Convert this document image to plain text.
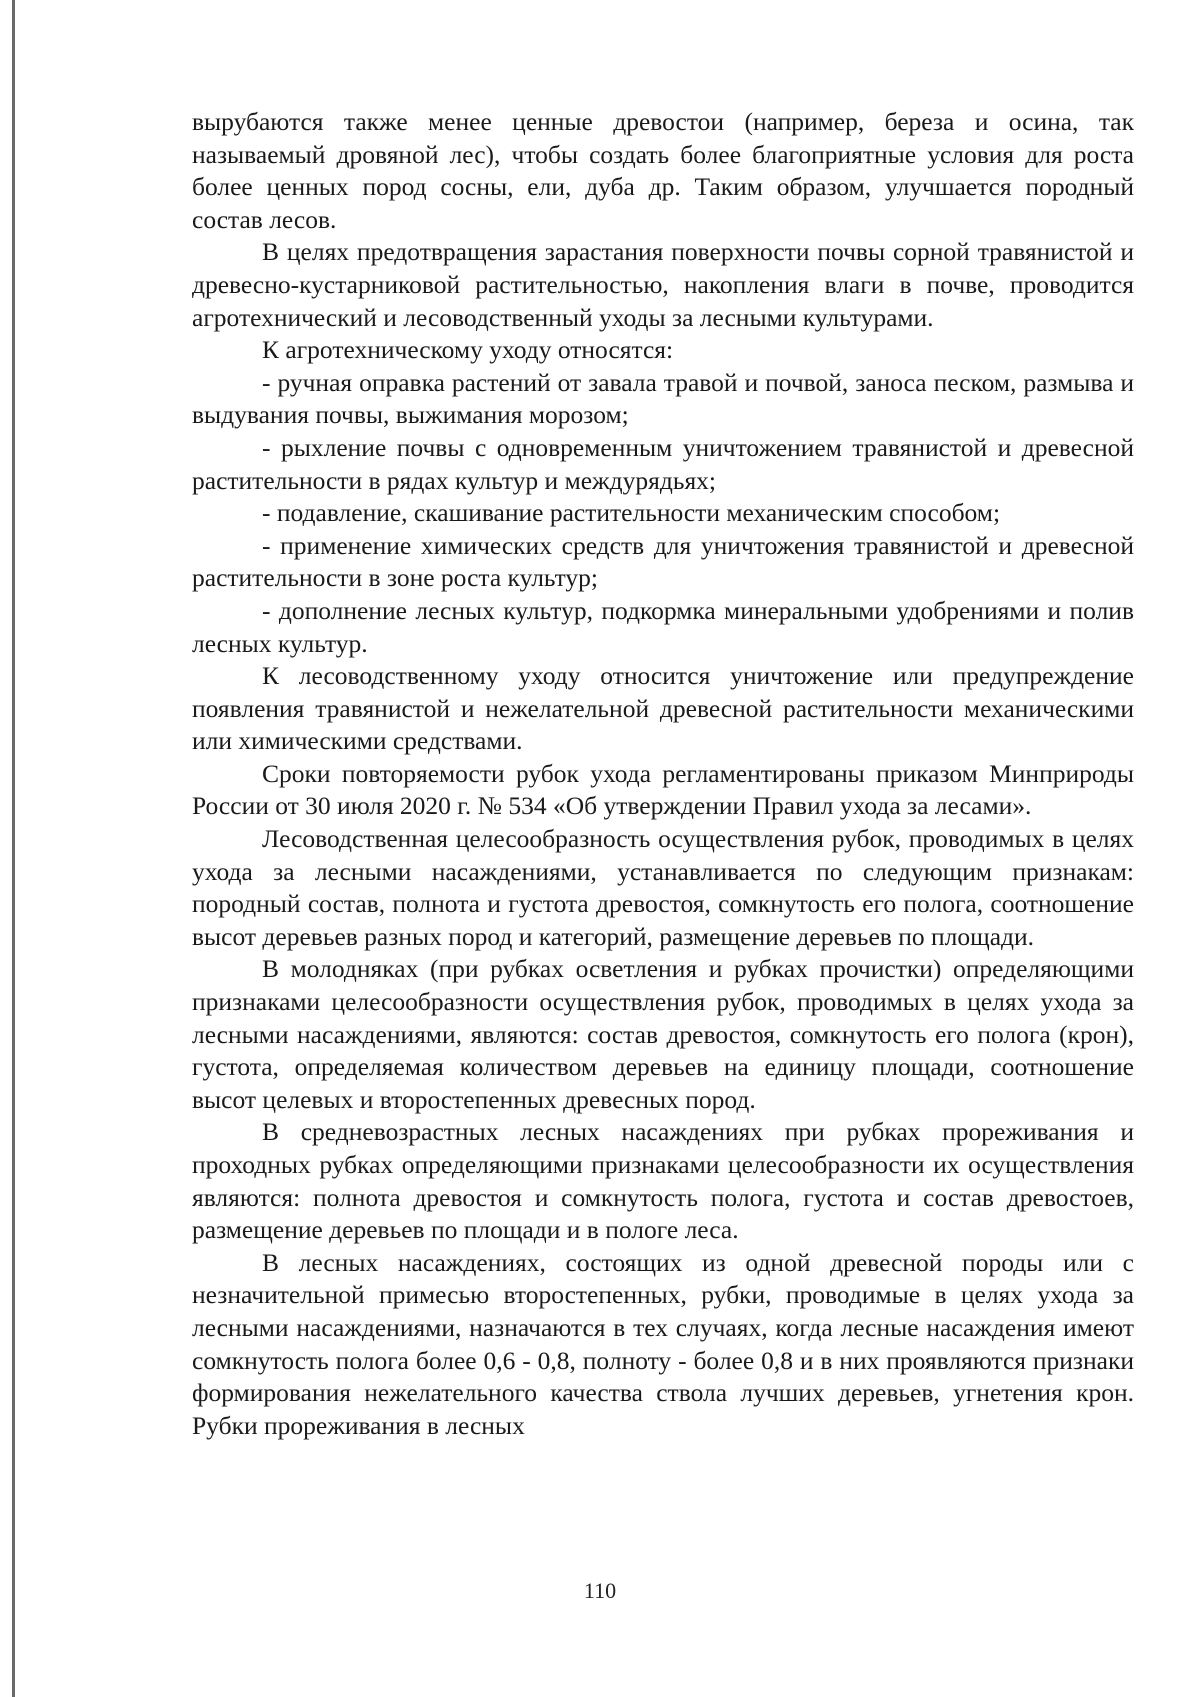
вырубаются также менее ценные древостои (например, береза и осина, так называемый дровяной лес), чтобы создать более благоприятные условия для роста более ценных пород сосны, ели, дуба др. Таким образом, улучшается породный состав лесов.

В целях предотвращения зарастания поверхности почвы сорной травянистой и древесно-кустарниковой растительностью, накопления влаги в почве, проводится агротехнический и лесоводственный уходы за лесными культурами.

К агротехническому уходу относятся:

- ручная оправка растений от завала травой и почвой, заноса песком, размыва и выдувания почвы, выжимания морозом;

- рыхление почвы с одновременным уничтожением травянистой и древесной растительности в рядах культур и междурядьях;

- подавление, скашивание растительности механическим способом;

- применение химических средств для уничтожения травянистой и древесной растительности в зоне роста культур;

- дополнение лесных культур, подкормка минеральными удобрениями и полив лесных культур.

К лесоводственному уходу относится уничтожение или предупреждение появления травянистой и нежелательной древесной растительности механическими или химическими средствами.

Сроки повторяемости рубок ухода регламентированы приказом Минприроды России от 30 июля 2020 г. № 534 «Об утверждении Правил ухода за лесами».

Лесоводственная целесообразность осуществления рубок, проводимых в целях ухода за лесными насаждениями, устанавливается по следующим признакам: породный состав, полнота и густота древостоя, сомкнутость его полога, соотношение высот деревьев разных пород и категорий, размещение деревьев по площади.

В молодняках (при рубках осветления и рубках прочистки) определяющими признаками целесообразности осуществления рубок, проводимых в целях ухода за лесными насаждениями, являются: состав древостоя, сомкнутость его полога (крон), густота, определяемая количеством деревьев на единицу площади, соотношение высот целевых и второстепенных древесных пород.

В средневозрастных лесных насаждениях при рубках прореживания и проходных рубках определяющими признаками целесообразности их осуществления являются: полнота древостоя и сомкнутость полога, густота и состав древостоев, размещение деревьев по площади и в пологе леса.

В лесных насаждениях, состоящих из одной древесной породы или с незначительной примесью второстепенных, рубки, проводимые в целях ухода за лесными насаждениями, назначаются в тех случаях, когда лесные насаждения имеют сомкнутость полога более 0,6 - 0,8, полноту - более 0,8 и в них проявляются признаки формирования нежелательного качества ствола лучших деревьев, угнетения крон. Рубки прореживания в лесных

110
